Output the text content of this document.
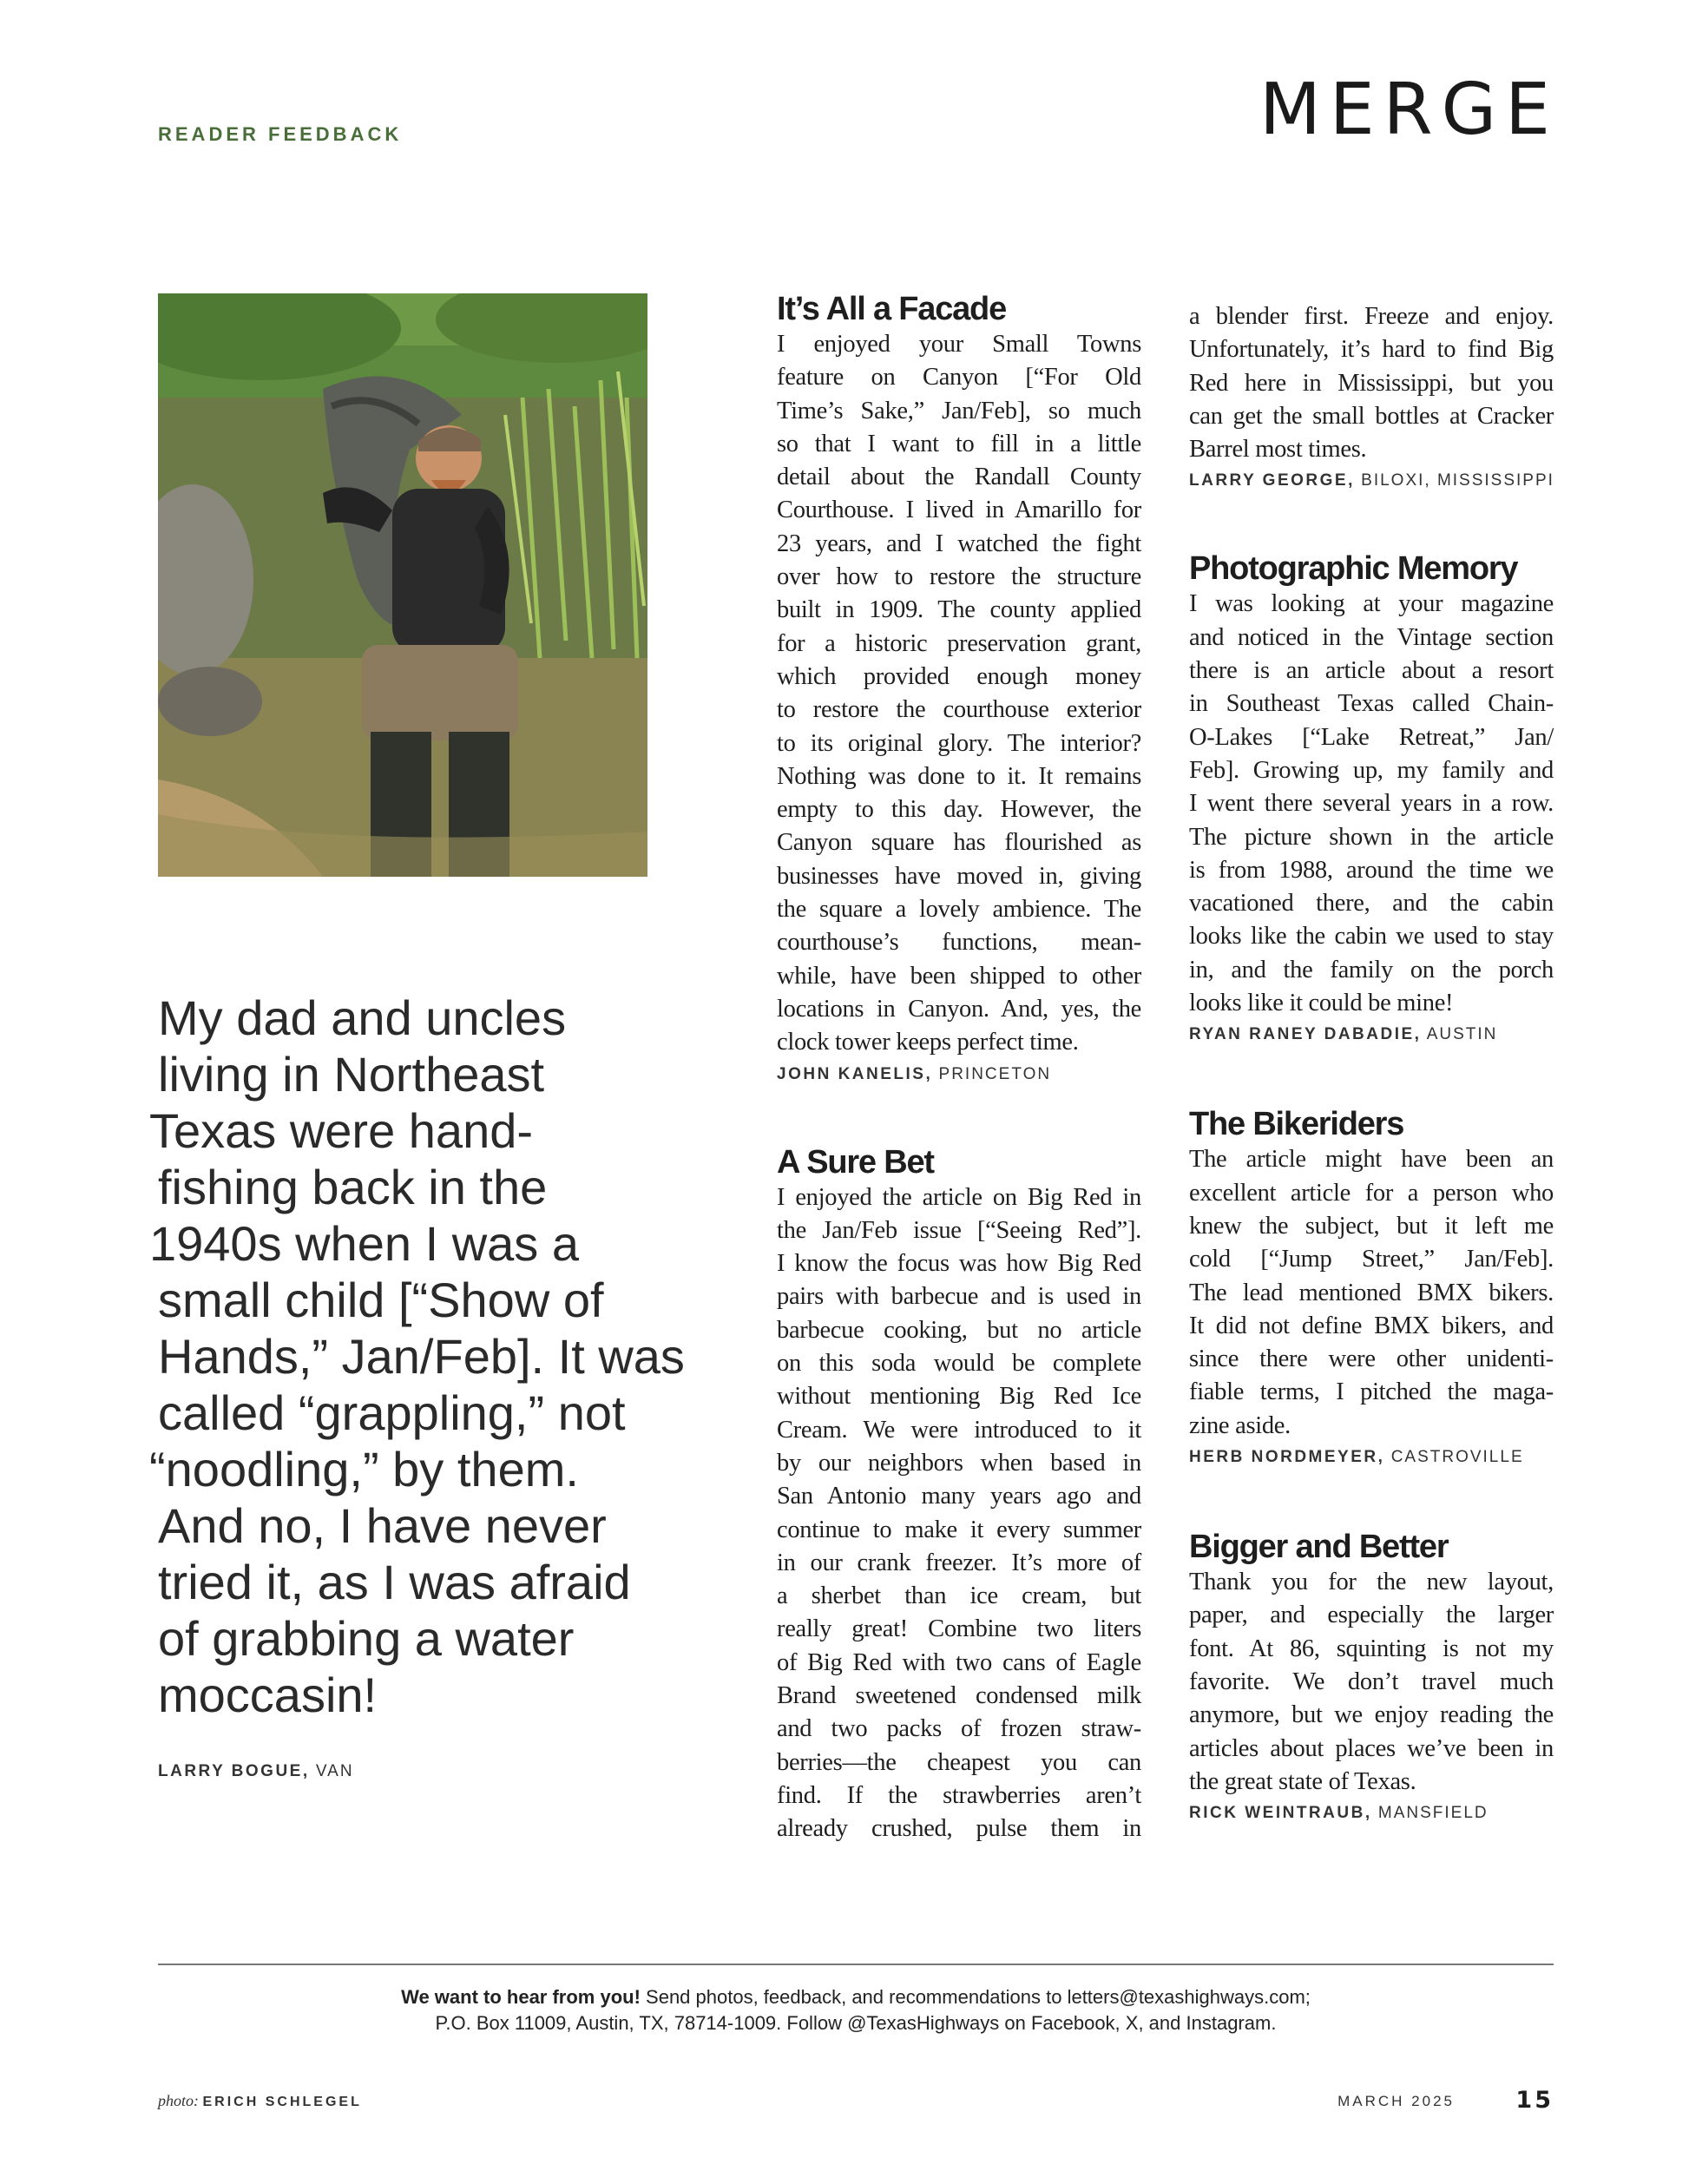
READER FEEDBACK	MERGE
My dad and uncles
living in Northeast
Texas were hand-
fishing back in the
1940s when I was a
small child [“Show of
Hands,” Jan/Feb]. It was
called “grappling,” not
“noodling,” by them.
And no, I have never
tried it, as I was afraid
of grabbing a water
moccasin!
LARRY BOGUE, VAN
It’s All a Facade

I enjoyed your Small Towns
feature on Canyon [“For Old
Time’s Sake,” Jan/Feb], so much
so that I want to fill in a little
detail about the Randall County
Courthouse. I lived in Amarillo for
23 years, and I watched the fight
over how to restore the structure
built in 1909. The county applied
for a historic preservation grant,
which provided enough money
to restore the courthouse exterior
to its original glory. The interior?
Nothing was done to it. It remains
empty to this day. However, the
Canyon square has flourished as
businesses have moved in, giving
the square a lovely ambience. The
courthouse’s functions, mean-
while, have been shipped to other
locations in Canyon. And, yes, the
clock tower keeps perfect time.

JOHN KANELIS, PRINCETON
A Sure Bet

I enjoyed the article on Big Red in
the Jan/Feb issue [“Seeing Red”].
I know the focus was how Big Red
pairs with barbecue and is used in
barbecue cooking, but no article
on this soda would be complete
without mentioning Big Red Ice
Cream. We were introduced to it
by our neighbors when based in
San Antonio many years ago and
continue to make it every summer
in our crank freezer. It’s more of
a sherbet than ice cream, but
really great! Combine two liters
of Big Red with two cans of Eagle
Brand sweetened condensed milk
and two packs of frozen straw-
berries—the cheapest you can
find. If the strawberries aren’t
already crushed, pulse them in

a blender first. Freeze and enjoy.
Unfortunately, it’s hard to find Big
Red here in Mississippi, but you
can get the small bottles at Cracker
Barrel most times.

LARRY GEORGE, BILOXI, MISSISSIPPI
Photographic Memory

I was looking at your magazine
and noticed in the Vintage section
there is an article about a resort
in Southeast Texas called Chain-
O-Lakes [“Lake Retreat,” Jan/
Feb]. Growing up, my family and
I went there several years in a row.
The picture shown in the article
is from 1988, around the time we
vacationed there, and the cabin
looks like the cabin we used to stay
in, and the family on the porch
looks like it could be mine!

RYAN RANEY DABADIE, AUSTIN
The Bikeriders

The article might have been an
excellent article for a person who
knew the subject, but it left me
cold [“Jump Street,” Jan/Feb].
The lead mentioned BMX bikers.
It did not define BMX bikers, and
since there were other unidenti-
fiable terms, I pitched the maga-
zine aside.

HERB NORDMEYER, CASTROVILLE
Bigger and Better

Thank you for the new layout,
paper, and especially the larger
font. At 86, squinting is not my
favorite. We don’t travel much
anymore, but we enjoy reading the
articles about places we’ve been in
the great state of Texas.

RICK WEINTRAUB, MANSFIELD
We want to hear from you! Send photos, feedback, and recommendations to letters@texashighways.com;
P.O. Box 11009, Austin, TX, 78714-1009. Follow @TexasHighways on Facebook, X, and Instagram.
photo: ERICH SCHLEGEL	MARCH 2025	15
